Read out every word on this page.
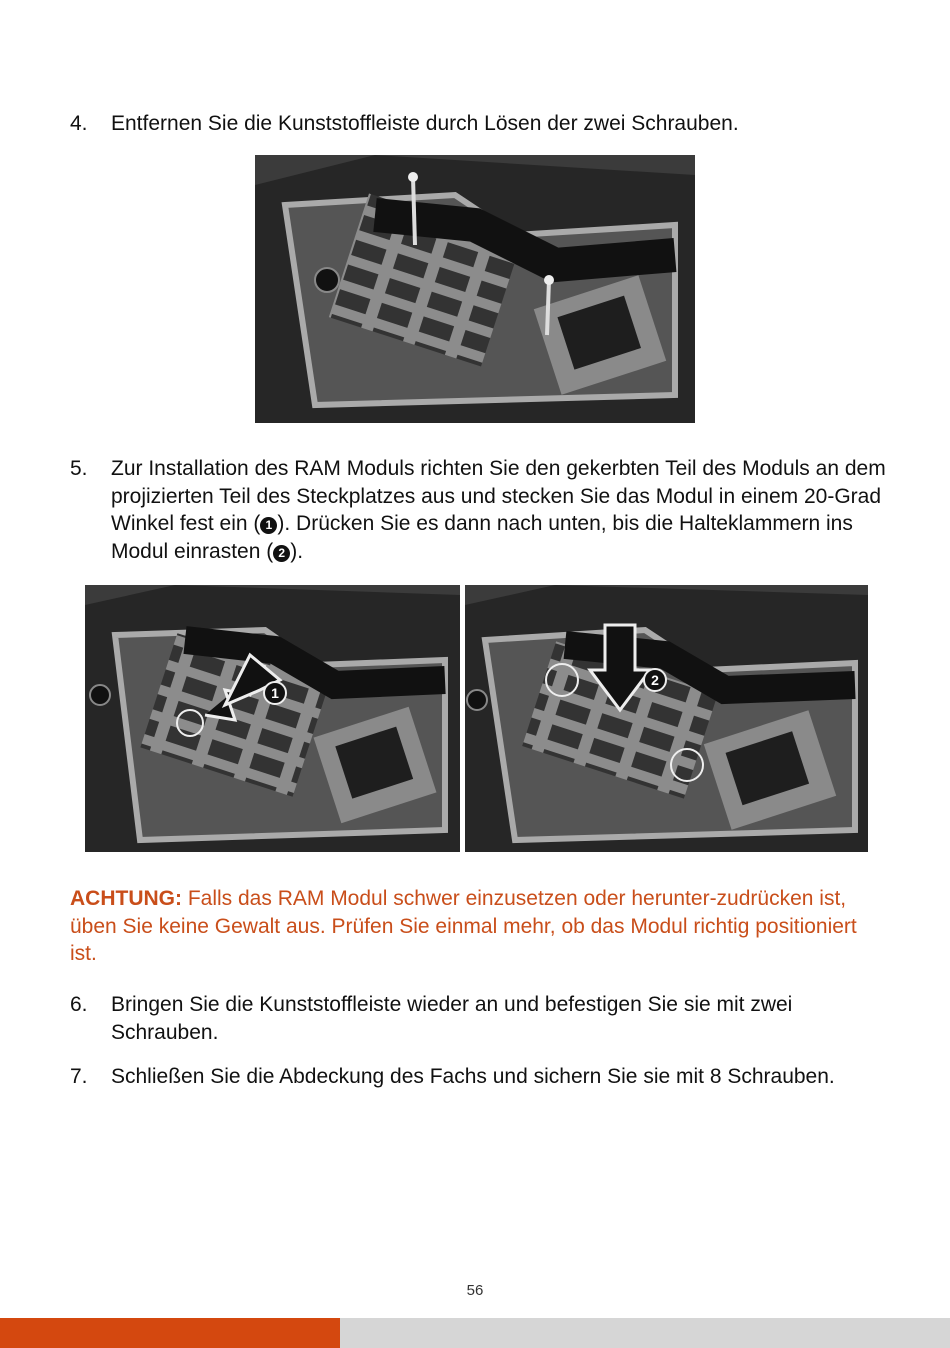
4. Entfernen Sie die Kunststoffleiste durch Lösen der zwei Schrauben.
5. Zur Installation des RAM Moduls richten Sie den gekerbten Teil des Moduls an dem projizierten Teil des Steckplatzes aus und stecken Sie das Modul in einem 20-Grad Winkel fest ein ( 1 ). Drücken Sie es dann nach unten, bis die Halteklammern ins Modul einrasten ( 2 ).
1
2
ACHTUNG: Falls das RAM Modul schwer einzusetzen oder herunter-zudrücken ist, üben Sie keine Gewalt aus. Prüfen Sie einmal mehr, ob das Modul richtig positioniert ist.
6. Bringen Sie die Kunststoffleiste wieder an und befestigen Sie sie mit zwei Schrauben.
7. Schließen Sie die Abdeckung des Fachs und sichern Sie sie mit 8 Schrauben.
56
